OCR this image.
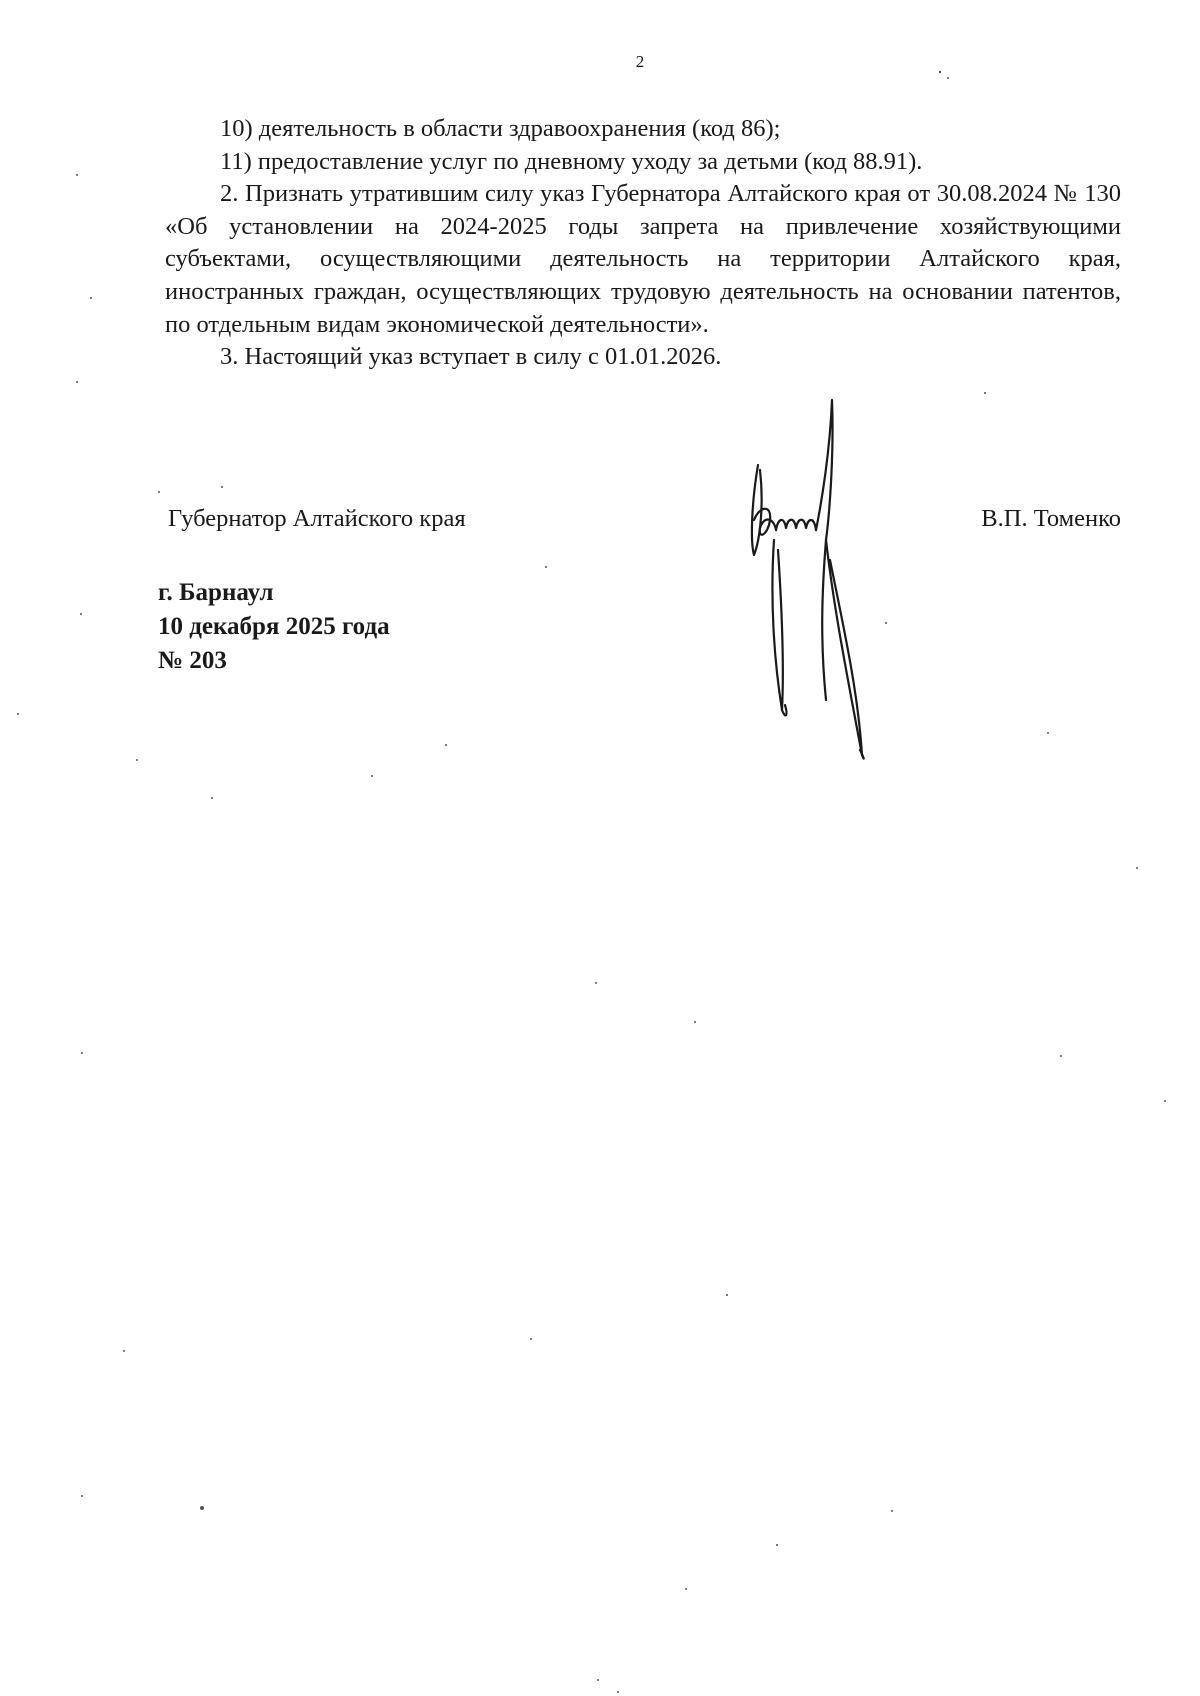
2

10) деятельность в области здравоохранения (код 86);

11) предоставление услуг по дневному уходу за детьми (код 88.91).

2. Признать утратившим силу указ Губернатора Алтайского края от 30.08.2024 № 130 «Об установлении на 2024-2025 годы запрета на привлечение хозяйствующими субъектами, осуществляющими деятельность на территории Алтайского края, иностранных граждан, осуществляющих трудовую деятельность на основании патентов, по отдельным видам экономической деятельности».

3. Настоящий указ вступает в силу с 01.01.2026.

Губернатор Алтайского края	В.П. Томенко
г. Барнаул
10 декабря 2025 года
№ 203
